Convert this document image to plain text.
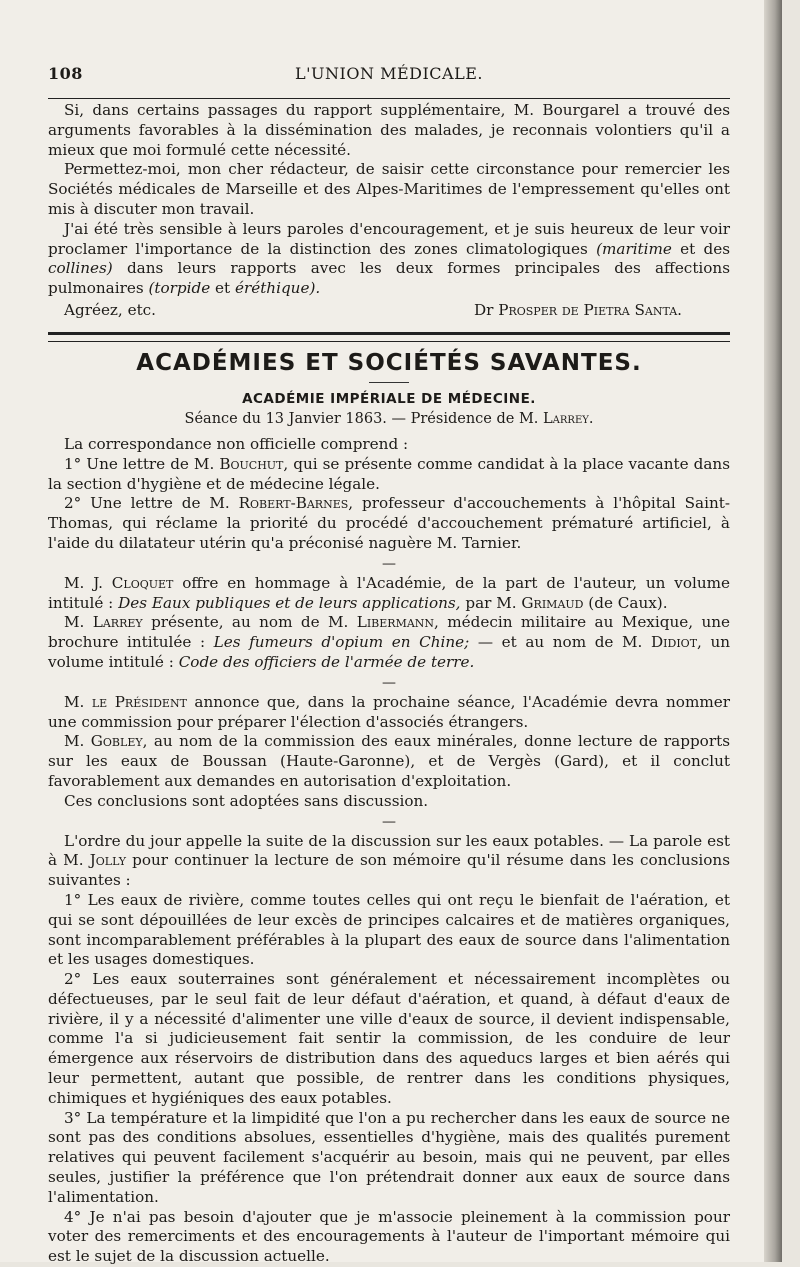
108	L'UNION MÉDICALE.

Si, dans certains passages du rapport supplémentaire, M. Bourgarel a trouvé des arguments favorables à la dissémination des malades, je reconnais volontiers qu'il a mieux que moi formulé cette nécessité.

Permettez-moi, mon cher rédacteur, de saisir cette circonstance pour remercier les Sociétés médicales de Marseille et des Alpes-Maritimes de l'empressement qu'elles ont mis à discuter mon travail.

J'ai été très sensible à leurs paroles d'encouragement, et je suis heureux de leur voir proclamer l'importance de la distinction des zones climatologiques (maritime et des collines) dans leurs rapports avec les deux formes principales des affections pulmonaires (torpide et éréthique).

Agréez, etc.	Dr Prosper de Pietra Santa.
ACADÉMIES ET SOCIÉTÉS SAVANTES.
ACADÉMIE IMPÉRIALE DE MÉDECINE.
Séance du 13 Janvier 1863. — Présidence de M. Larrey.

La correspondance non officielle comprend :

1° Une lettre de M. Bouchut, qui se présente comme candidat à la place vacante dans la section d'hygiène et de médecine légale.

2° Une lettre de M. Robert-Barnes, professeur d'accouchements à l'hôpital Saint-Thomas, qui réclame la priorité du procédé d'accouchement prématuré artificiel, à l'aide du dilatateur utérin qu'a préconisé naguère M. Tarnier.

—

M. J. Cloquet offre en hommage à l'Académie, de la part de l'auteur, un volume intitulé : Des Eaux publiques et de leurs applications, par M. Grimaud (de Caux).

M. Larrey présente, au nom de M. Libermann, médecin militaire au Mexique, une brochure intitulée : Les fumeurs d'opium en Chine; — et au nom de M. Didiot, un volume intitulé : Code des officiers de l'armée de terre.

—

M. le Président annonce que, dans la prochaine séance, l'Académie devra nommer une commission pour préparer l'élection d'associés étrangers.

M. Gobley, au nom de la commission des eaux minérales, donne lecture de rapports sur les eaux de Boussan (Haute-Garonne), et de Vergès (Gard), et il conclut favorablement aux demandes en autorisation d'exploitation.

Ces conclusions sont adoptées sans discussion.

—

L'ordre du jour appelle la suite de la discussion sur les eaux potables. — La parole est à M. Jolly pour continuer la lecture de son mémoire qu'il résume dans les conclusions suivantes :

1° Les eaux de rivière, comme toutes celles qui ont reçu le bienfait de l'aération, et qui se sont dépouillées de leur excès de principes calcaires et de matières organiques, sont incomparablement préférables à la plupart des eaux de source dans l'alimentation et les usages domestiques.

2° Les eaux souterraines sont généralement et nécessairement incomplètes ou défectueuses, par le seul fait de leur défaut d'aération, et quand, à défaut d'eaux de rivière, il y a nécessité d'alimenter une ville d'eaux de source, il devient indispensable, comme l'a si judicieusement fait sentir la commission, de les conduire de leur émergence aux réservoirs de distribution dans des aqueducs larges et bien aérés qui leur permettent, autant que possible, de rentrer dans les conditions physiques, chimiques et hygiéniques des eaux potables.

3° La température et la limpidité que l'on a pu rechercher dans les eaux de source ne sont pas des conditions absolues, essentielles d'hygiène, mais des qualités purement relatives qui peuvent facilement s'acquérir au besoin, mais qui ne peuvent, par elles seules, justifier la préférence que l'on prétendrait donner aux eaux de source dans l'alimentation.

4° Je n'ai pas besoin d'ajouter que je m'associe pleinement à la commission pour voter des remerciments et des encouragements à l'auteur de l'important mémoire qui est le sujet de la discussion actuelle.
